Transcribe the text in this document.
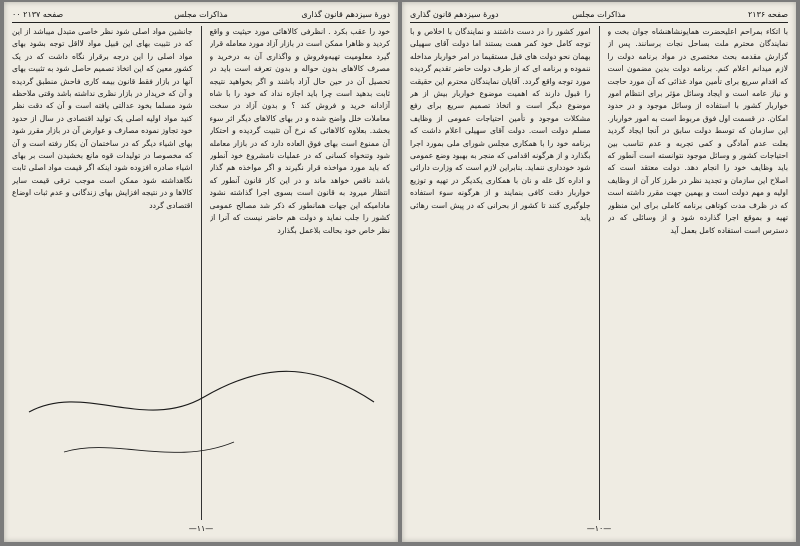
۰۰ صفحه ۲۱۳۷	مذاکرات مجلس	دورهٔ سیزدهم قانون گذاری
جانشین مواد اصلی شود نظر خاصی متبدل میباشد از این که در تثبیت بهای این قبیل مواد لااقل توجه بشود بهای مواد اصلی را این درجه برقرار نگاه داشت که در یک کشور معین که این اتخاذ تصمیم حاصل شود به تثبیت بهای آنها در بازار فقط قانون بیمه کاری فاحش منطبق گردیده و آن که خریدار در بازار نظری نداشته باشد وقتی ملاحظه شود مسلما بخود عدالتی یافته است و آن که دقت نظر کنید مواد اولیه اصلی یک تولید اقتصادی در سال از حدود خود تجاوز نموده مصارف و عوارض آن در بازار مقرر شود بهای اشیاء دیگر که در ساختمان آن بکار رفته است و آن که مخصوصا در تولیدات قوه مانع بخشیدن است بر بهای اشیاء صادره افزوده شود اینکه اگر قیمت مواد اصلی ثابت نگاهداشته شود ممکن است موجب ترقی قیمت سایر کالاها و در نتیجه افزایش بهای زندگانی و عدم ثبات اوضاع اقتصادی گردد
خود را عقب بکرد . انظرفی کالاهائی مورد حیثیت و واقع کردید و ظاهرا ممکن است در بازار آزاد مورد معامله قرار گیرد معلومیت تهیه‌وفروش و واگذاری آن به درخرید و مصرف کالاهای بدون حواله و بدون تعرفه است باید در تحصیل آن در حین حال آزاد باشند و اگر بخواهید نتیجه ثابت بدهید است چرا باید اجازه نداد که خود را با شاه آزادانه خرید و فروش کند ؟ و بدون آزاد در سخت معاملات خلل واضح شده و در بهای کالاهای دیگر اثر سوء بخشد. بعلاوه کالاهائی که نرخ آن تثبیت گردیده و احتکار آن ممنوع است بهای فوق العاده دارد که در بازار معامله شود وتنخواه کسانی که در عملیات نامشروع خود آنطور که باید مورد مواخذه قرار نگیرند و اگر مواخذه هم گذار باشد ناقص خواهد ماند و در این کار قانون آنطور که انتظار میرود به قانون است بسوی اجرا گذاشته نشود مادامیکه این جهات همانطور که ذکر شد مصالح عمومی کشور را جلب نماید و دولت هم حاضر نیست که آنرا از نظر خاص خود بحالت بلاعمل بگذارد
—۱۱—
دورهٔ سیزدهم قانون گذاری	مذاکرات مجلس	صفحه ۲۱۳۶
امور کشور را در دست داشتند و نمایندگان با اخلاص و با توجه کامل خود کمر همت بستند اما دولت آقای سهیلی بهمان نحو دولت های قبل مستقیما در امر خواربار مداخله ننموده و برنامه ای که از طرف دولت حاضر تقدیم گردیده مورد توجه واقع گردد. آقایان نمایندگان محترم این حقیقت را قبول دارند که اهمیت موضوع خواربار بیش از هر موضوع دیگر است و اتخاذ تصمیم سریع برای رفع مشکلات موجود و تأمین احتیاجات عمومی از وظایف مسلم دولت است. دولت آقای سهیلی اعلام داشت که برنامه خود را با همکاری مجلس شورای ملی بمورد اجرا بگذارد و از هرگونه اقدامی که منجر به بهبود وضع عمومی شود خودداری ننماید. بنابراین لازم است که وزارت دارائی و اداره کل غله و نان با همکاری یکدیگر در تهیه و توزیع خواربار دقت کافی بنمایند و از هرگونه سوء استفاده جلوگیری کنند تا کشور از بحرانی که در پیش است رهائی یابد
با اتکاء بمراحم اعلیحضرت همایونشاهنشاه جوان بخت و نمایندگان محترم ملت بساحل نجات برسانند. پس از گزارش مقدمه بحث مختصری در مواد برنامه دولت را لازم میدانم اعلام کنم. برنامه دولت بدین مضمون است که اقدام سریع برای تأمین مواد غذائی که آن مورد حاجت و نیاز عامه است و ایجاد وسائل مؤثر برای انتظام امور خواربار کشور با استفاده از وسائل موجود و در حدود امکان. در قسمت اول فوق مربوط است به امور خواربار. این سازمان که توسط دولت سابق در آنجا ایجاد گردید بعلت عدم آمادگی و کمی تجربه و عدم تناسب بین احتیاجات کشور و وسائل موجود نتوانسته است آنطور که باید وظایف خود را انجام دهد. دولت معتقد است که اصلاح این سازمان و تجدید نظر در طرز کار آن از وظایف اولیه و مهم دولت است و بهمین جهت مقرر داشته است که در ظرف مدت کوتاهی برنامه کاملی برای این منظور تهیه و بموقع اجرا گذارده شود و از وسائلی که در دسترس است استفاده کامل بعمل آید
—۱۰—
